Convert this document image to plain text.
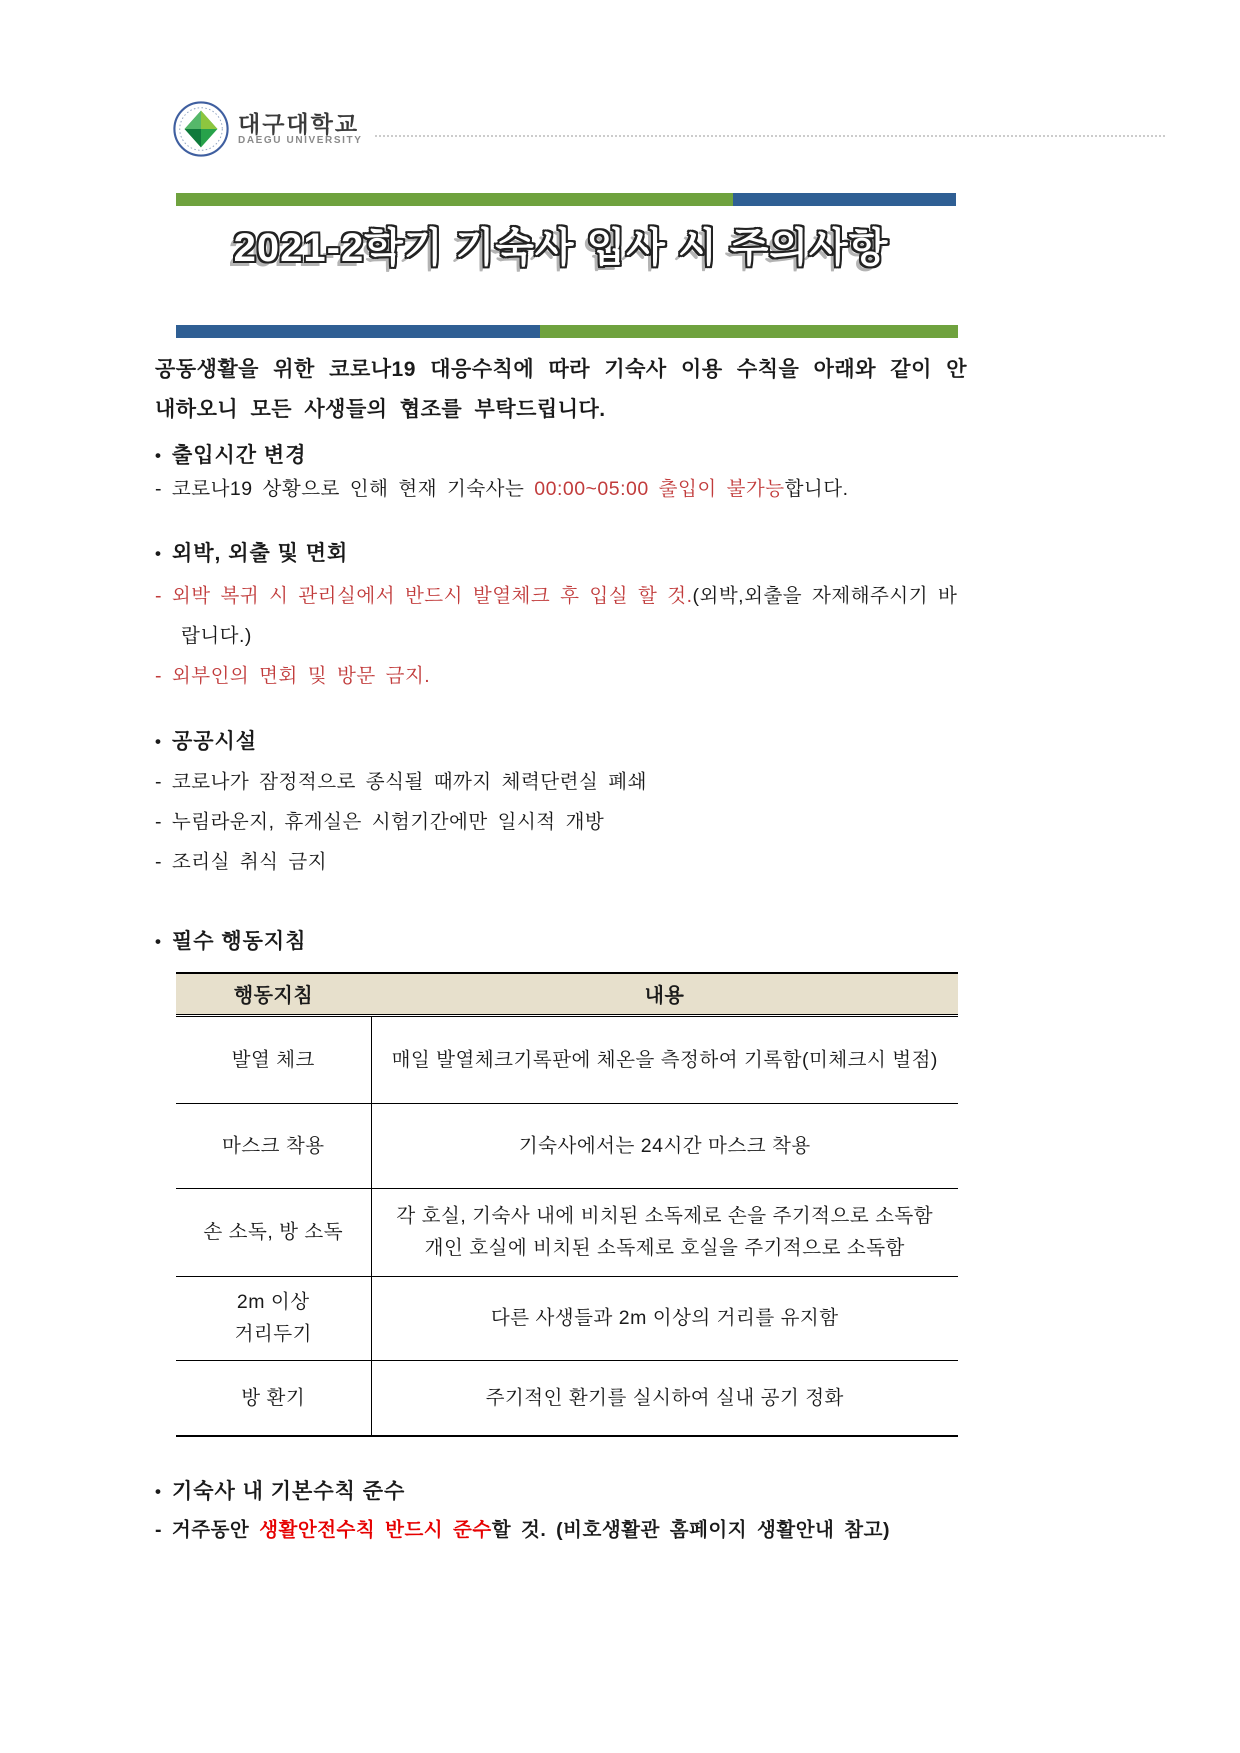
대구대학교
DAEGU UNIVERSITY
2021-2학기 기숙사 입사 시 주의사항

공동생활을 위한 코로나19 대응수칙에 따라 기숙사 이용 수칙을 아래와 같이 안내하오니 모든 사생들의 협조를 부탁드립니다.

• 출입시간 변경
- 코로나19 상황으로 인해 현재 기숙사는 00:00~05:00 출입이 불가능합니다.
• 외박, 외출 및 면회
- 외박 복귀 시 관리실에서 반드시 발열체크 후 입실 할 것.(외박,외출을 자제해주시기 바랍니다.)
- 외부인의 면회 및 방문 금지.
• 공공시설
- 코로나가 잠정적으로 종식될 때까지 체력단련실 폐쇄
- 누림라운지, 휴게실은 시험기간에만 일시적 개방
- 조리실 취식 금지
• 필수 행동지침
행동지침	내용
발열 체크	매일 발열체크기록판에 체온을 측정하여 기록함(미체크시 벌점)
마스크 착용	기숙사에서는 24시간 마스크 착용
손 소독, 방 소독	각 호실, 기숙사 내에 비치된 소독제로 손을 주기적으로 소독함
개인 호실에 비치된 소독제로 호실을 주기적으로 소독함

2m 이상
거리두기	다른 사생들과 2m 이상의 거리를 유지함
방 환기	주기적인 환기를 실시하여 실내 공기 정화
• 기숙사 내 기본수칙 준수
- 거주동안 생활안전수칙 반드시 준수할 것. (비호생활관 홈페이지 생활안내 참고)
